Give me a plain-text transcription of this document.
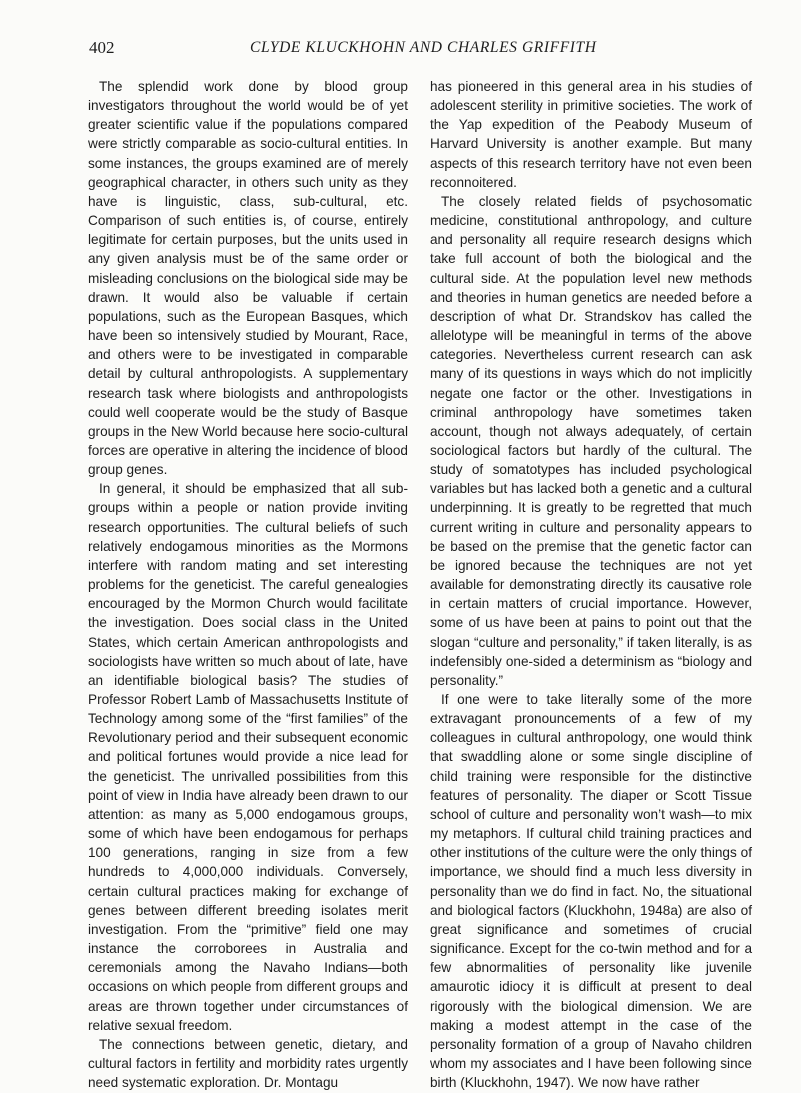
402	CLYDE KLUCKHOHN AND CHARLES GRIFFITH

The splendid work done by blood group investigators throughout the world would be of yet greater scientific value if the populations compared were strictly comparable as socio-cultural entities. In some instances, the groups examined are of merely geographical character, in others such unity as they have is linguistic, class, sub-cultural, etc. Comparison of such entities is, of course, entirely legitimate for certain purposes, but the units used in any given analysis must be of the same order or misleading conclusions on the biological side may be drawn. It would also be valuable if certain populations, such as the European Basques, which have been so intensively studied by Mourant, Race, and others were to be investigated in comparable detail by cultural anthropologists. A supplementary research task where biologists and anthropologists could well cooperate would be the study of Basque groups in the New World because here socio-cultural forces are operative in altering the incidence of blood group genes.

In general, it should be emphasized that all sub-groups within a people or nation provide inviting research opportunities. The cultural beliefs of such relatively endogamous minorities as the Mormons interfere with random mating and set interesting problems for the geneticist. The careful genealogies encouraged by the Mormon Church would facilitate the investigation. Does social class in the United States, which certain American anthropologists and sociologists have written so much about of late, have an identifiable biological basis? The studies of Professor Robert Lamb of Massachusetts Institute of Technology among some of the “first families” of the Revolutionary period and their subsequent economic and political fortunes would provide a nice lead for the geneticist. The unrivalled possibilities from this point of view in India have already been drawn to our attention: as many as 5,000 endogamous groups, some of which have been endogamous for perhaps 100 generations, ranging in size from a few hundreds to 4,000,000 individuals. Conversely, certain cultural practices making for exchange of genes between different breeding isolates merit investigation. From the “primitive” field one may instance the corroborees in Australia and ceremonials among the Navaho Indians—both occasions on which people from different groups and areas are thrown together under circumstances of relative sexual freedom.

The connections between genetic, dietary, and cultural factors in fertility and morbidity rates urgently need systematic exploration. Dr. Montagu

has pioneered in this general area in his studies of adolescent sterility in primitive societies. The work of the Yap expedition of the Peabody Museum of Harvard University is another example. But many aspects of this research territory have not even been reconnoitered.

The closely related fields of psychosomatic medicine, constitutional anthropology, and culture and personality all require research designs which take full account of both the biological and the cultural side. At the population level new methods and theories in human genetics are needed before a description of what Dr. Strandskov has called the allelotype will be meaningful in terms of the above categories. Nevertheless current research can ask many of its questions in ways which do not implicitly negate one factor or the other. Investigations in criminal anthropology have sometimes taken account, though not always adequately, of certain sociological factors but hardly of the cultural. The study of somatotypes has included psychological variables but has lacked both a genetic and a cultural underpinning. It is greatly to be regretted that much current writing in culture and personality appears to be based on the premise that the genetic factor can be ignored because the techniques are not yet available for demonstrating directly its causative role in certain matters of crucial importance. However, some of us have been at pains to point out that the slogan “culture and personality,” if taken literally, is as indefensibly one-sided a determinism as “biology and personality.”

If one were to take literally some of the more extravagant pronouncements of a few of my colleagues in cultural anthropology, one would think that swaddling alone or some single discipline of child training were responsible for the distinctive features of personality. The diaper or Scott Tissue school of culture and personality won’t wash—to mix my metaphors. If cultural child training practices and other institutions of the culture were the only things of importance, we should find a much less diversity in personality than we do find in fact. No, the situational and biological factors (Kluckhohn, 1948a) are also of great significance and sometimes of crucial significance. Except for the co-twin method and for a few abnormalities of personality like juvenile amaurotic idiocy it is difficult at present to deal rigorously with the biological dimension. We are making a modest attempt in the case of the personality formation of a group of Navaho children whom my associates and I have been following since birth (Kluckhohn, 1947). We now have rather
